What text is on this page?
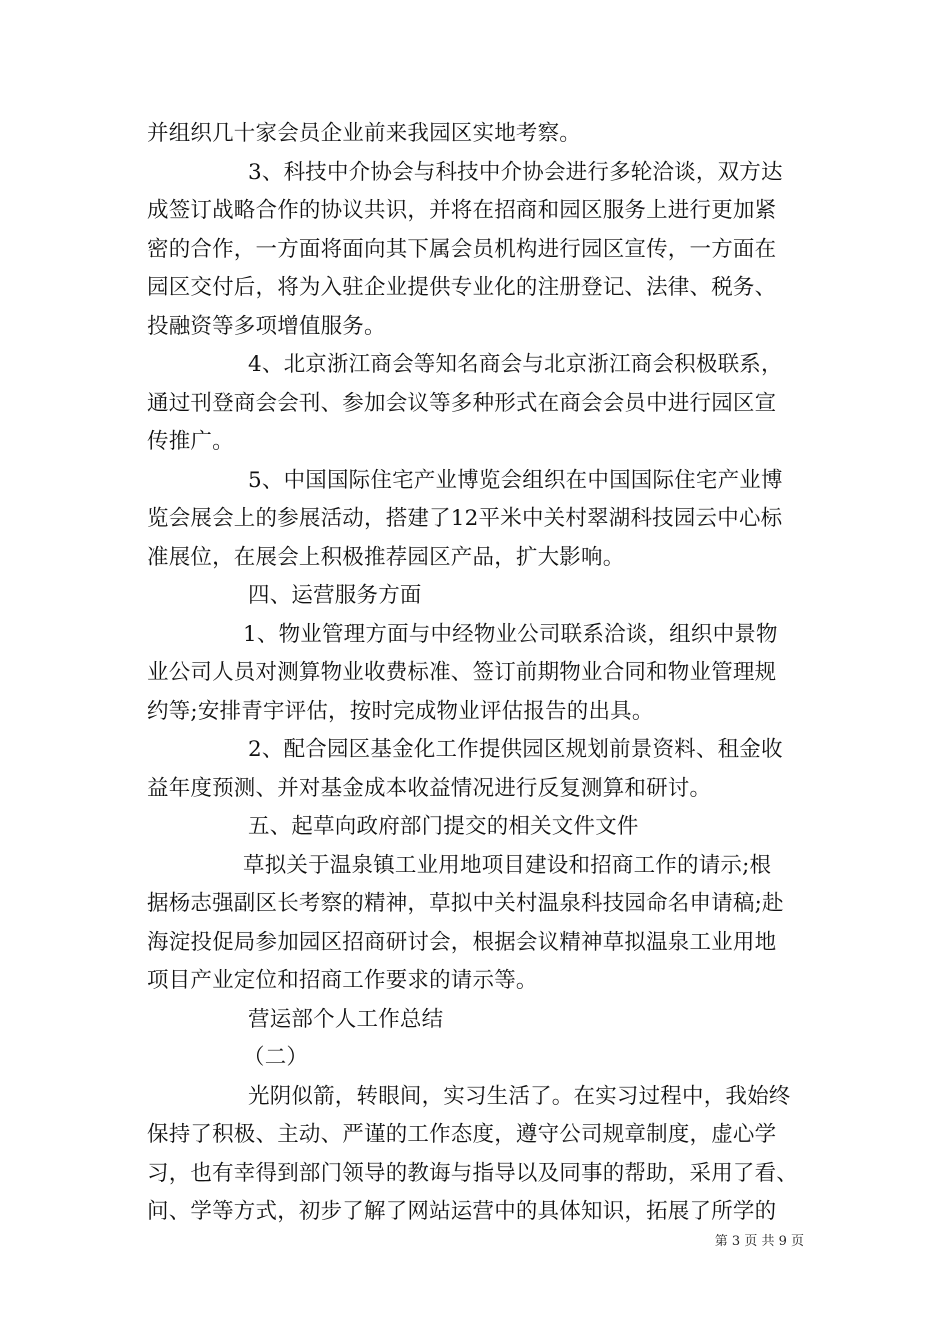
并组织几十家会员企业前来我园区实地考察。
3、科技中介协会与科技中介协会进行多轮洽谈，双方达
成签订战略合作的协议共识，并将在招商和园区服务上进行更加紧
密的合作，一方面将面向其下属会员机构进行园区宣传，一方面在
园区交付后，将为入驻企业提供专业化的注册登记、法律、税务、
投融资等多项增值服务。
4、北京浙江商会等知名商会与北京浙江商会积极联系，
通过刊登商会会刊、参加会议等多种形式在商会会员中进行园区宣
传推广。
5、中国国际住宅产业博览会组织在中国国际住宅产业博
览会展会上的参展活动，搭建了12平米中关村翠湖科技园云中心标
准展位，在展会上积极推荐园区产品，扩大影响。
四、运营服务方面
1、物业管理方面与中经物业公司联系洽谈，组织中景物
业公司人员对测算物业收费标准、签订前期物业合同和物业管理规
约等;安排青宇评估，按时完成物业评估报告的出具。
2、配合园区基金化工作提供园区规划前景资料、租金收
益年度预测、并对基金成本收益情况进行反复测算和研讨。
五、起草向政府部门提交的相关文件文件
草拟关于温泉镇工业用地项目建设和招商工作的请示;根
据杨志强副区长考察的精神，草拟中关村温泉科技园命名申请稿;赴
海淀投促局参加园区招商研讨会，根据会议精神草拟温泉工业用地
项目产业定位和招商工作要求的请示等。
营运部个人工作总结
（二）
光阴似箭，转眼间，实习生活了。在实习过程中，我始终
保持了积极、主动、严谨的工作态度，遵守公司规章制度，虚心学
习，也有幸得到部门领导的教诲与指导以及同事的帮助，采用了看、
问、学等方式，初步了解了网站运营中的具体知识，拓展了所学的
第 3 页 共 9 页
